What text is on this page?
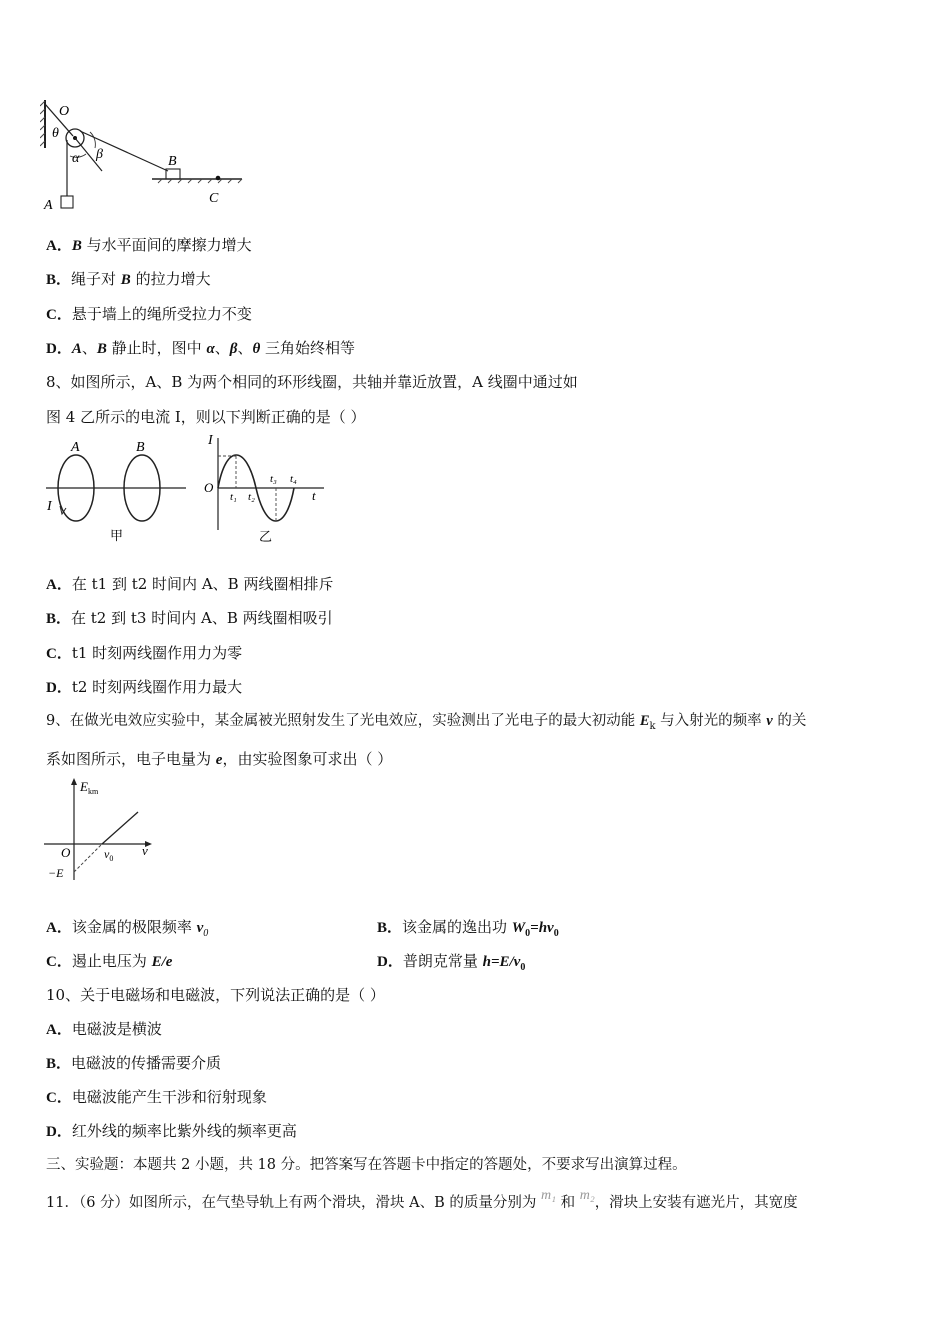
O
θ
α β
A
B
C
A．B 与水平面间的摩擦力增大
B．绳子对 B 的拉力增大
C．悬于墙上的绳所受拉力不变
D．A、B 静止时，图中 α、β、θ 三角始终相等
8、如图所示，A、B 为两个相同的环形线圈，共轴并靠近放置，A 线圈中通过如
图 4 乙所示的电流 I，则以下判断正确的是（ ）
A	B
I
甲
I
O
t
t₁ t₂
t₃ t₄
乙
A．在 t1 到 t2 时间内 A、B 两线圈相排斥
B．在 t2 到 t3 时间内 A、B 两线圈相吸引
C．t1 时刻两线圈作用力为零
D．t2 时刻两线圈作用力最大
9、在做光电效应实验中，某金属被光照射发生了光电效应，实验测出了光电子的最大初动能 $E_k$ 与入射光的频率 ν 的关
系如图所示，电子电量为 e，由实验图象可求出（ ）
$E_{km}$
O	$\nu_0$
ν
−E
A．该金属的极限频率 $\nu_0$	B．该金属的逸出功 $W_0=h\nu_0$
C．遏止电压为 E/e	D．普朗克常量 $h=E/\nu_0$
10、关于电磁场和电磁波，下列说法正确的是（ ）
A．电磁波是横波
B．电磁波的传播需要介质
C．电磁波能产生干涉和衍射现象
D．红外线的频率比紫外线的频率更高
三、实验题：本题共 2 小题，共 18 分。把答案写在答题卡中指定的答题处，不要求写出演算过程。
11．（6 分）如图所示，在气垫导轨上有两个滑块，滑块 A、B 的质量分别为 m₁ 和 m₂，滑块上安装有遮光片，其宽度
